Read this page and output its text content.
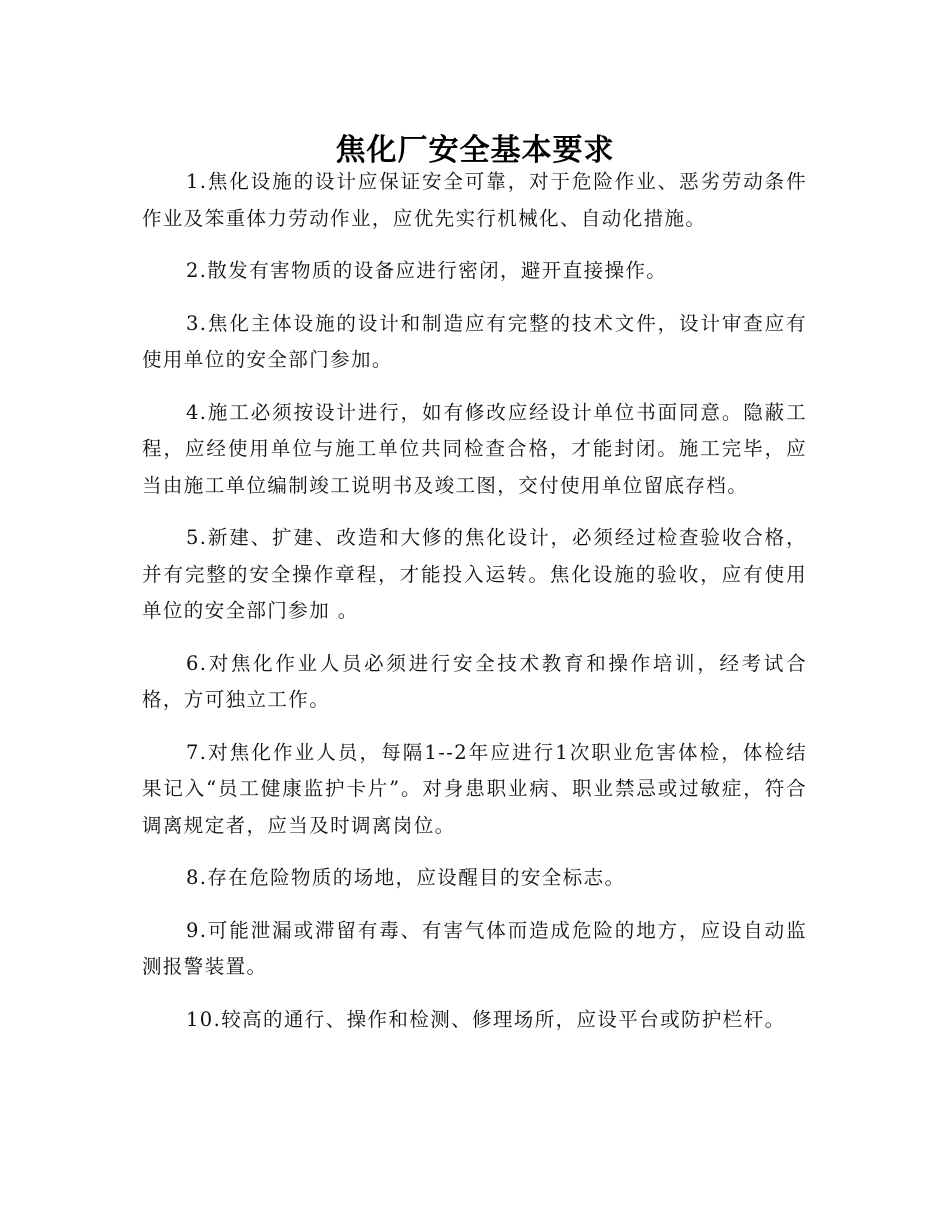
焦化厂安全基本要求

1.焦化设施的设计应保证安全可靠，对于危险作业、恶劣劳动条件作业及笨重体力劳动作业，应优先实行机械化、自动化措施。

2.散发有害物质的设备应进行密闭，避开直接操作。

3.焦化主体设施的设计和制造应有完整的技术文件，设计审查应有使用单位的安全部门参加。

4.施工必须按设计进行，如有修改应经设计单位书面同意。隐蔽工程，应经使用单位与施工单位共同检查合格，才能封闭。施工完毕，应当由施工单位编制竣工说明书及竣工图，交付使用单位留底存档。

5.新建、扩建、改造和大修的焦化设计，必须经过检查验收合格，并有完整的安全操作章程，才能投入运转。焦化设施的验收，应有使用单位的安全部门参加 。

6.对焦化作业人员必须进行安全技术教育和操作培训，经考试合格，方可独立工作。

7.对焦化作业人员，每隔1--2年应进行1次职业危害体检，体检结果记入“员工健康监护卡片”。对身患职业病、职业禁忌或过敏症，符合调离规定者，应当及时调离岗位。

8.存在危险物质的场地，应设醒目的安全标志。

9.可能泄漏或滞留有毒、有害气体而造成危险的地方，应设自动监测报警装置。

10.较高的通行、操作和检测、修理场所，应设平台或防护栏杆。
